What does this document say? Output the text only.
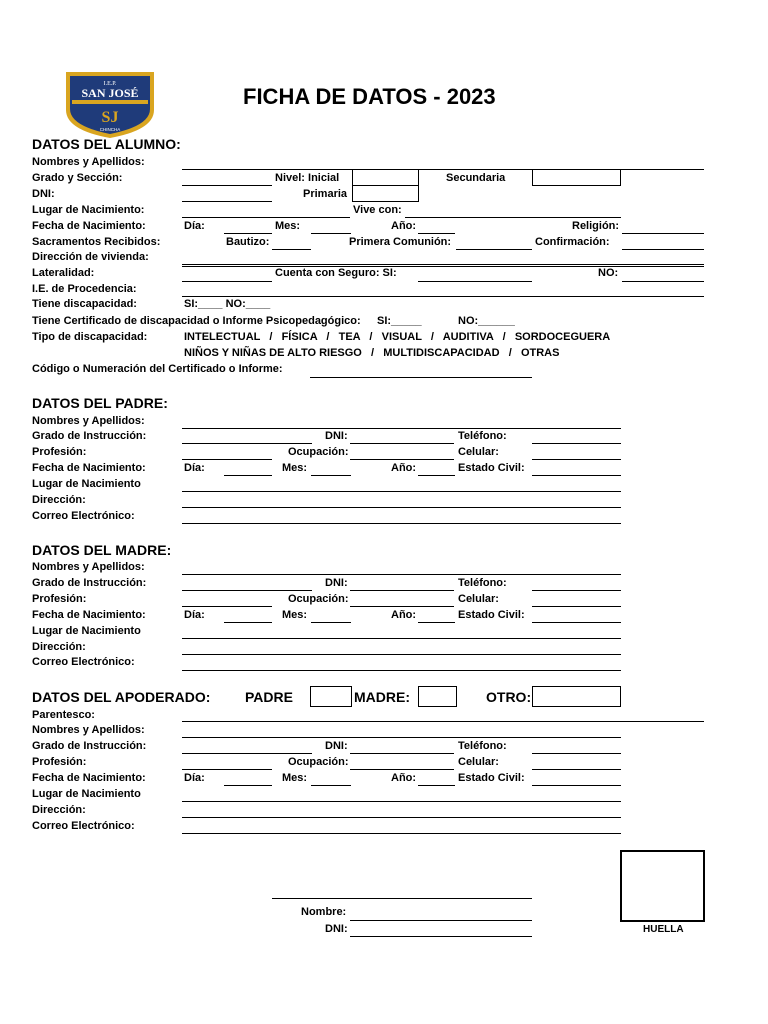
I.E.P.
SAN JOSÉ
SJ
CHINCHA
FICHA DE DATOS - 2023
DATOS DEL ALUMNO:
Nombres y Apellidos:
Grado y Sección:	Nivel: Inicial	Secundaria
DNI:	Primaria
Lugar de Nacimiento:	Vive con:
Fecha de Nacimiento:	Día:	Mes:	Año:	Religión:
Sacramentos Recibidos:	Bautizo:	Primera Comunión:	Confirmación:
Dirección de vivienda:
Lateralidad:	Cuenta con Seguro: SI:	NO:
I.E. de Procedencia:
Tiene discapacidad:	SI:____ NO:____
Tiene Certificado de discapacidad o Informe Psicopedagógico: SI:_____	NO:______
Tipo de discapacidad:	INTELECTUAL   /   FÍSICA   /   TEA   /   VISUAL   /   AUDITIVA   /   SORDOCEGUERA
NIÑOS Y NIÑAS DE ALTO RIESGO   /   MULTIDISCAPACIDAD   /   OTRAS
Código o Numeración del Certificado o Informe:
DATOS DEL PADRE:
Nombres y Apellidos:
Grado de Instrucción:	DNI:	Teléfono:
Profesión:	Ocupación:	Celular:
Fecha de Nacimiento:	Día:	Mes:	Año:	Estado Civil:
Lugar de Nacimiento
Dirección:
Correo Electrónico:
DATOS DEL MADRE:
Nombres y Apellidos:
Grado de Instrucción:	DNI:	Teléfono:
Profesión:	Ocupación:	Celular:
Fecha de Nacimiento:	Día:	Mes:	Año:	Estado Civil:
Lugar de Nacimiento
Dirección:
Correo Electrónico:
DATOS DEL APODERADO: PADRE	MADRE:	OTRO:
Parentesco:
Nombres y Apellidos:
Grado de Instrucción:	DNI:	Teléfono:
Profesión:	Ocupación:	Celular:
Fecha de Nacimiento:	Día:	Mes:	Año:	Estado Civil:
Lugar de Nacimiento
Dirección:
Correo Electrónico:
HUELLA
Nombre:
DNI:
